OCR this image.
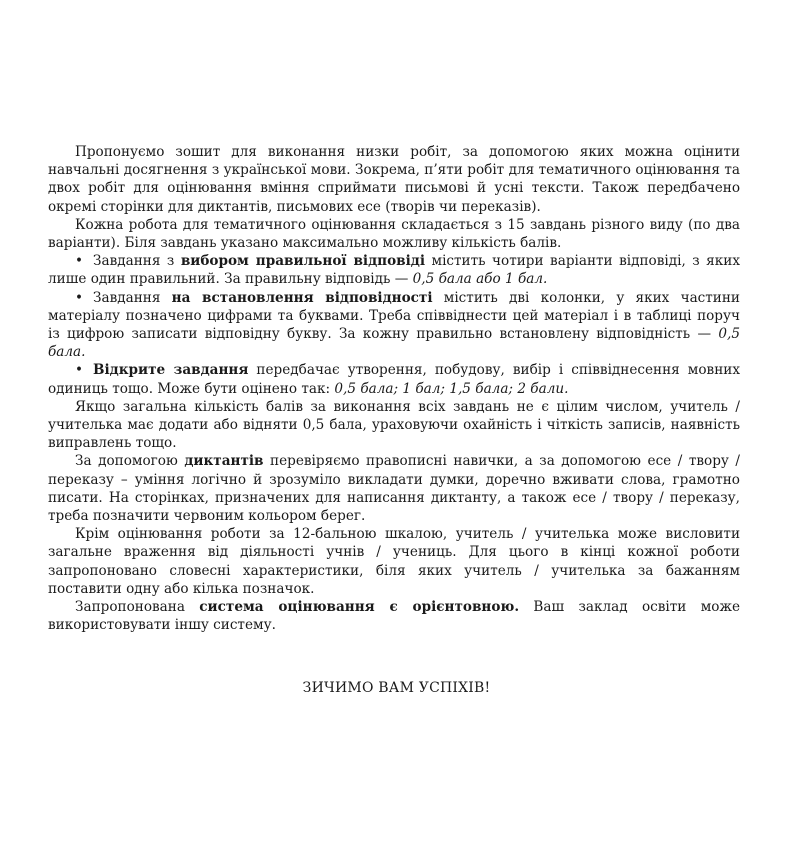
Пропонуємо зошит для виконання низки робіт, за допомогою яких можна оцінити навчальні досягнення з української мови. Зокрема, п’яти робіт для тематичного оцінювання та двох робіт для оцінювання вміння сприймати письмові й усні тексти. Також передбачено окремі сторінки для диктантів, письмових есе (творів чи переказів).

Кожна робота для тематичного оцінювання складається з 15 завдань різного виду (по два варіанти). Біля завдань указано максимально можливу кількість балів.

• Завдання з вибором правильної відповіді містить чотири варіанти відповіді, з яких лише один правильний. За правильну відповідь — 0,5 бала або 1 бал.

• Завдання на встановлення відповідності містить дві колонки, у яких частини матеріалу позначено цифрами та буквами. Треба співвіднести цей матеріал і в таблиці поруч із цифрою записати відповідну букву. За кожну правильно встановлену відповідність — 0,5 бала.

• Відкрите завдання передбачає утворення, побудову, вибір і співвіднесення мовних одиниць тощо. Може бути оцінено так: 0,5 бала; 1 бал; 1,5 бала; 2 бали.

Якщо загальна кількість балів за виконання всіх завдань не є цілим числом, учитель / учителька має додати або відняти 0,5 бала, ураховуючи охайність і чіткість записів, наявність виправлень тощо.

За допомогою диктантів перевіряємо правописні навички, а за допомогою есе / твору / переказу – уміння логічно й зрозуміло викладати думки, доречно вживати слова, грамотно писати. На сторінках, призначених для написання диктанту, а також есе / твору / переказу, треба позначити червоним кольором берег.

Крім оцінювання роботи за 12-бальною шкалою, учитель / учителька може висловити загальне враження від діяльності учнів / учениць. Для цього в кінці кожної роботи запропоновано словесні характеристики, біля яких учитель / учителька за бажанням поставити одну або кілька позначок.

Запропонована система оцінювання є орієнтовною. Ваш заклад освіти може використовувати іншу систему.

ЗИЧИМО ВАМ УСПІХІВ!
